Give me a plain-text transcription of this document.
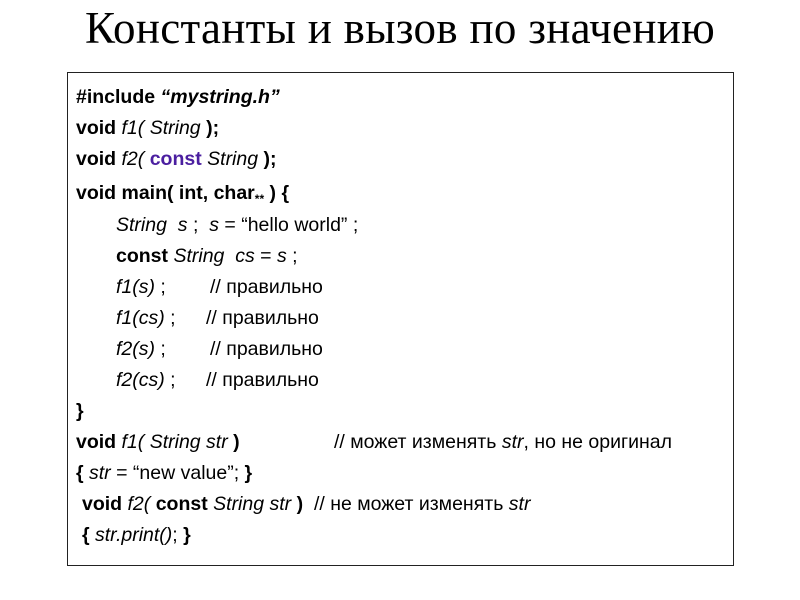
Константы и вызов по значению
#include “mystring.h”
void f1( String );
void f2( const String );
void main( int, char$_{**}$ ) {
String s ;  s = “hello world” ;
const String cs = s ;
f1(s) ; // правильно
f1(cs) ; // правильно
f2(s) ; // правильно
f2(cs) ; // правильно
}
void f1( String str )	// может изменять str, но не оригинал
{ str = “new value”; }
void f2( const String str ) // не может изменять str
{ str.print(); }
